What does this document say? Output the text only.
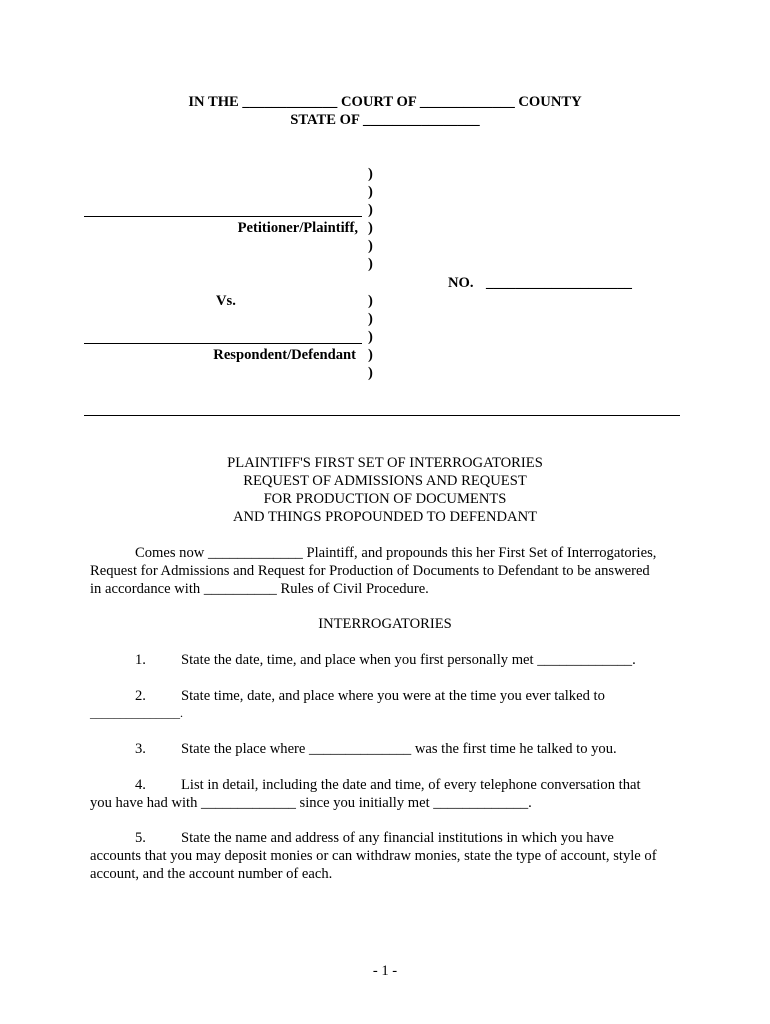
IN THE _____________ COURT OF _____________ COUNTY
STATE OF ________________
)
)
)
)
)
)
)
)
)
)
)
Petitioner/Plaintiff,
Vs.
Respondent/Defendant
NO. ____________________
PLAINTIFF'S FIRST SET OF INTERROGATORIES
REQUEST OF ADMISSIONS AND REQUEST
FOR PRODUCTION OF DOCUMENTS
AND THINGS PROPOUNDED TO DEFENDANT
Comes now _____________ Plaintiff, and propounds this her First Set of Interrogatories,
Request for Admissions and Request for Production of Documents to Defendant to be answered
in accordance with __________ Rules of Civil Procedure.
INTERROGATORIES
1. State the date, time, and place when you first personally met _____________.
2. State time, date, and place where you were at the time you ever talked to
_______________.
3. State the place where ______________ was the first time he talked to you.
4. List in detail, including the date and time, of every telephone conversation that
you have had with _____________ since you initially met _____________.
5. State the name and address of any financial institutions in which you have
accounts that you may deposit monies or can withdraw monies, state the type of account, style of
account, and the account number of each.
- 1 -
